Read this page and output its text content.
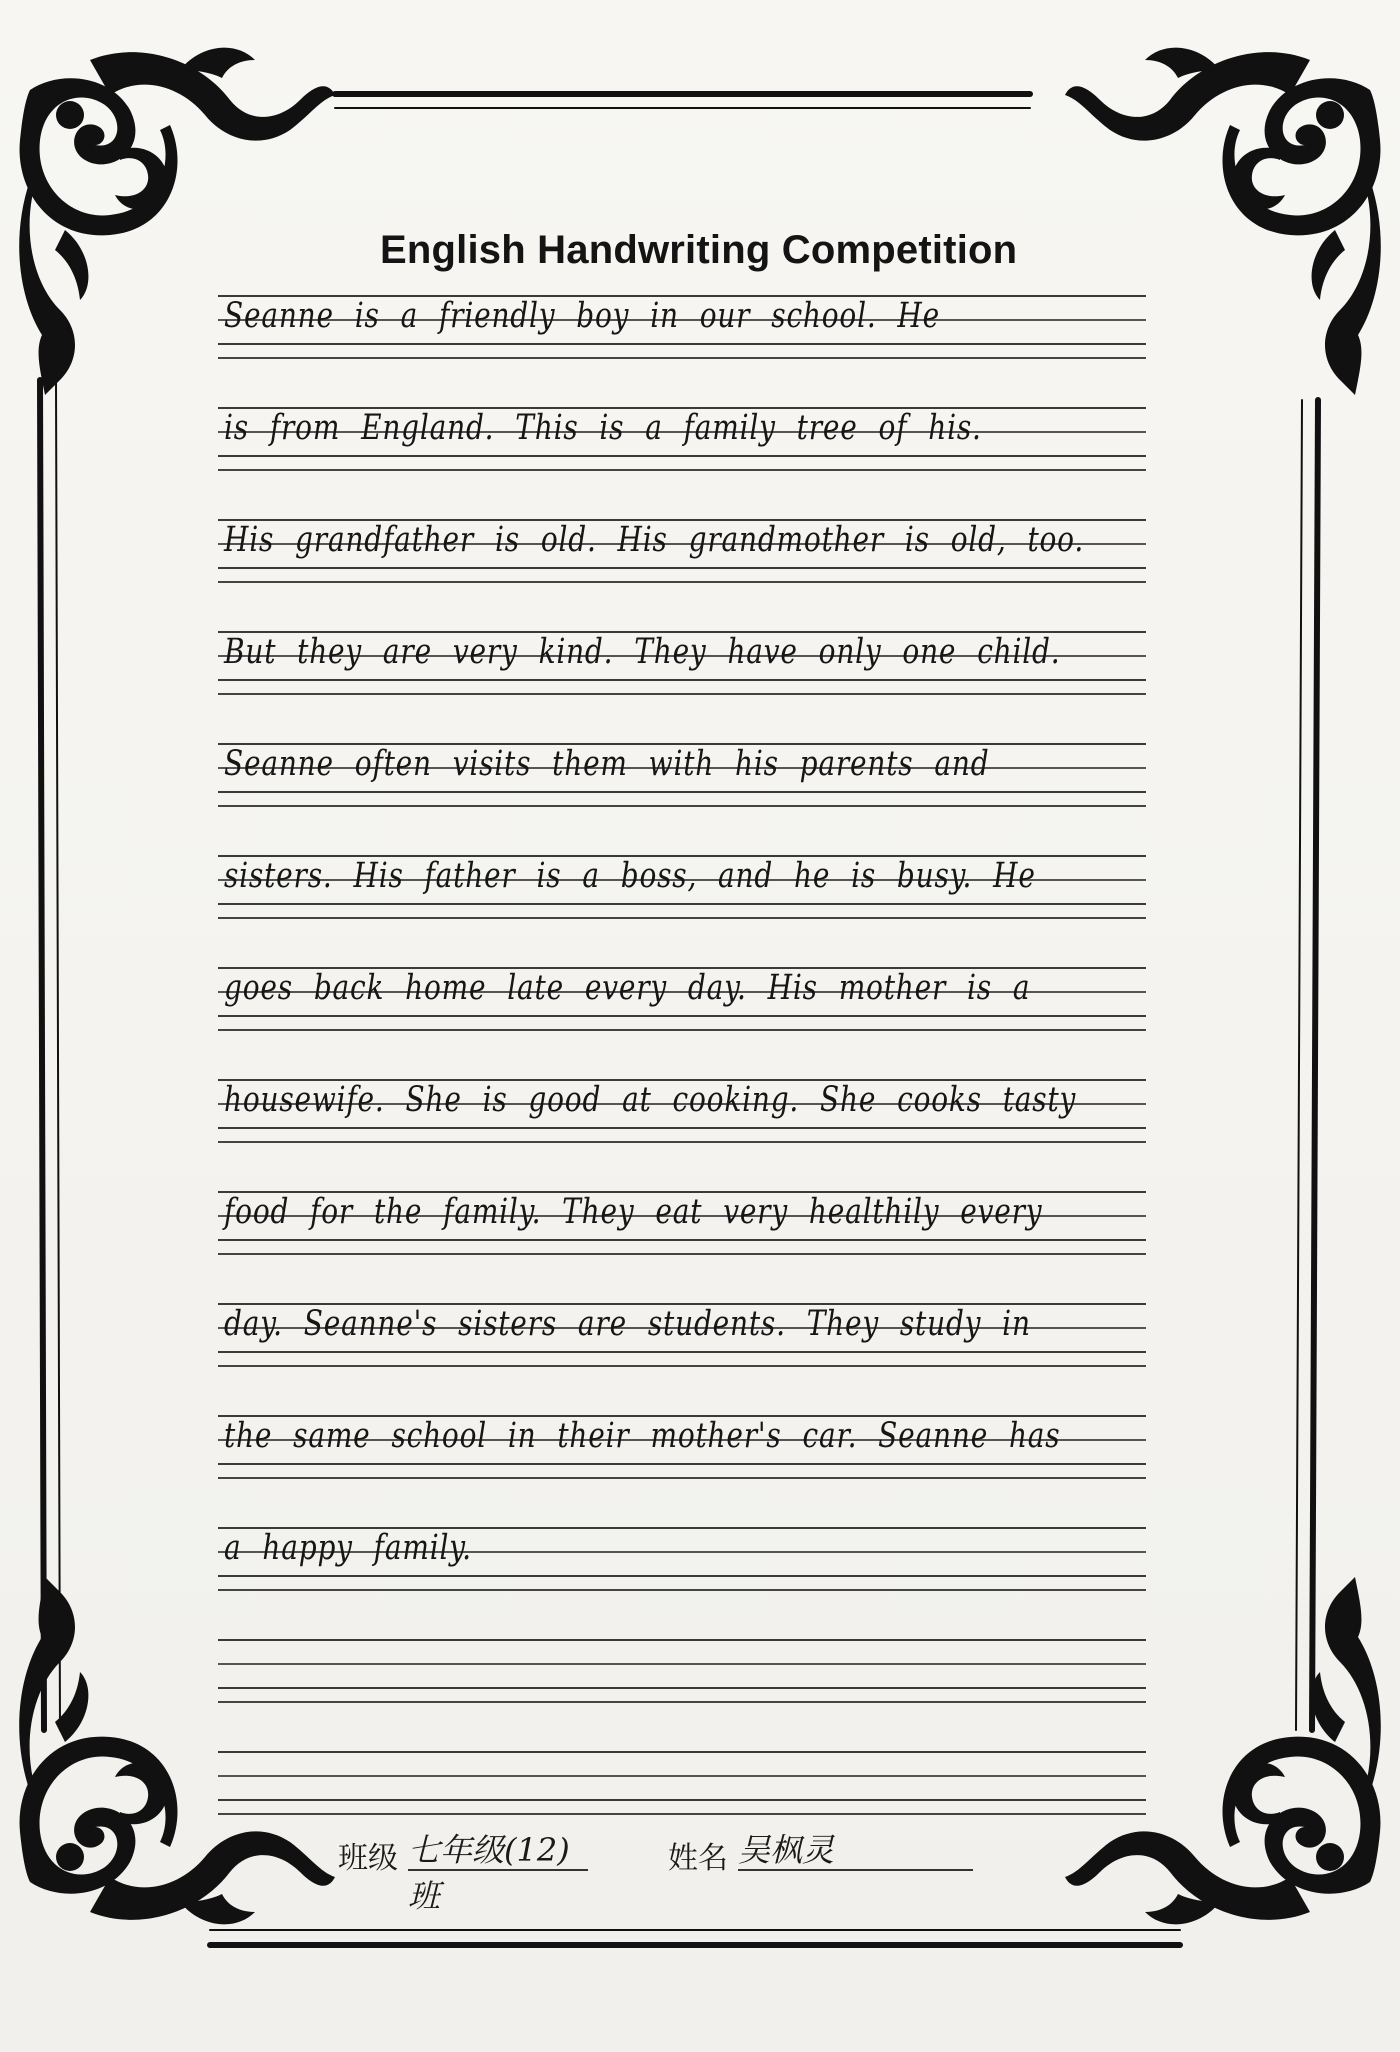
English Handwriting Competition
Seanne is a friendly boy in our school. He
is from England. This is a family tree of his.
His grandfather is old. His grandmother is old, too.
But they are very kind. They have only one child.
Seanne often visits them with his parents and
sisters. His father is a boss, and he is busy. He
goes back home late every day. His mother is a
housewife. She is good at cooking. She cooks tasty
food for the family. They eat very healthily every
day. Seanne's sisters are students. They study in
the same school in their mother's car. Seanne has
a happy family.
班级 七年级(12)班
姓名 吴枫灵
